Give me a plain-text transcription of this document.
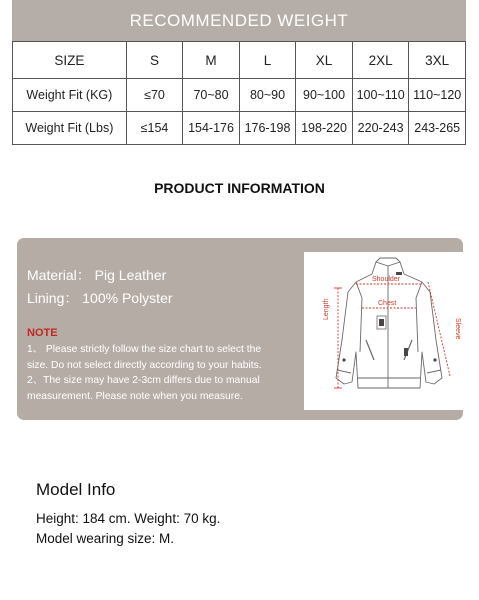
RECOMMENDED WEIGHT
SIZE	S	M	L	XL	2XL	3XL
Weight Fit (KG)	≤70	70~80	80~90	90~100	100~110	110~120
Weight Fit (Lbs)	≤154	154-176	176-198	198-220	220-243	243-265
PRODUCT INFORMATION
Material： Pig Leather
Lining： 100% Polyster
NOTE
1、 Please strictly follow the size chart to select the
size. Do not select directly according to your habits.
2、The size may have 2-3cm differs due to manual
measurement. Please note when you measure.
Shoulder
Chest
Length
Sleeve
Model Info
Height: 184 cm. Weight: 70 kg.
Model wearing size: M.
